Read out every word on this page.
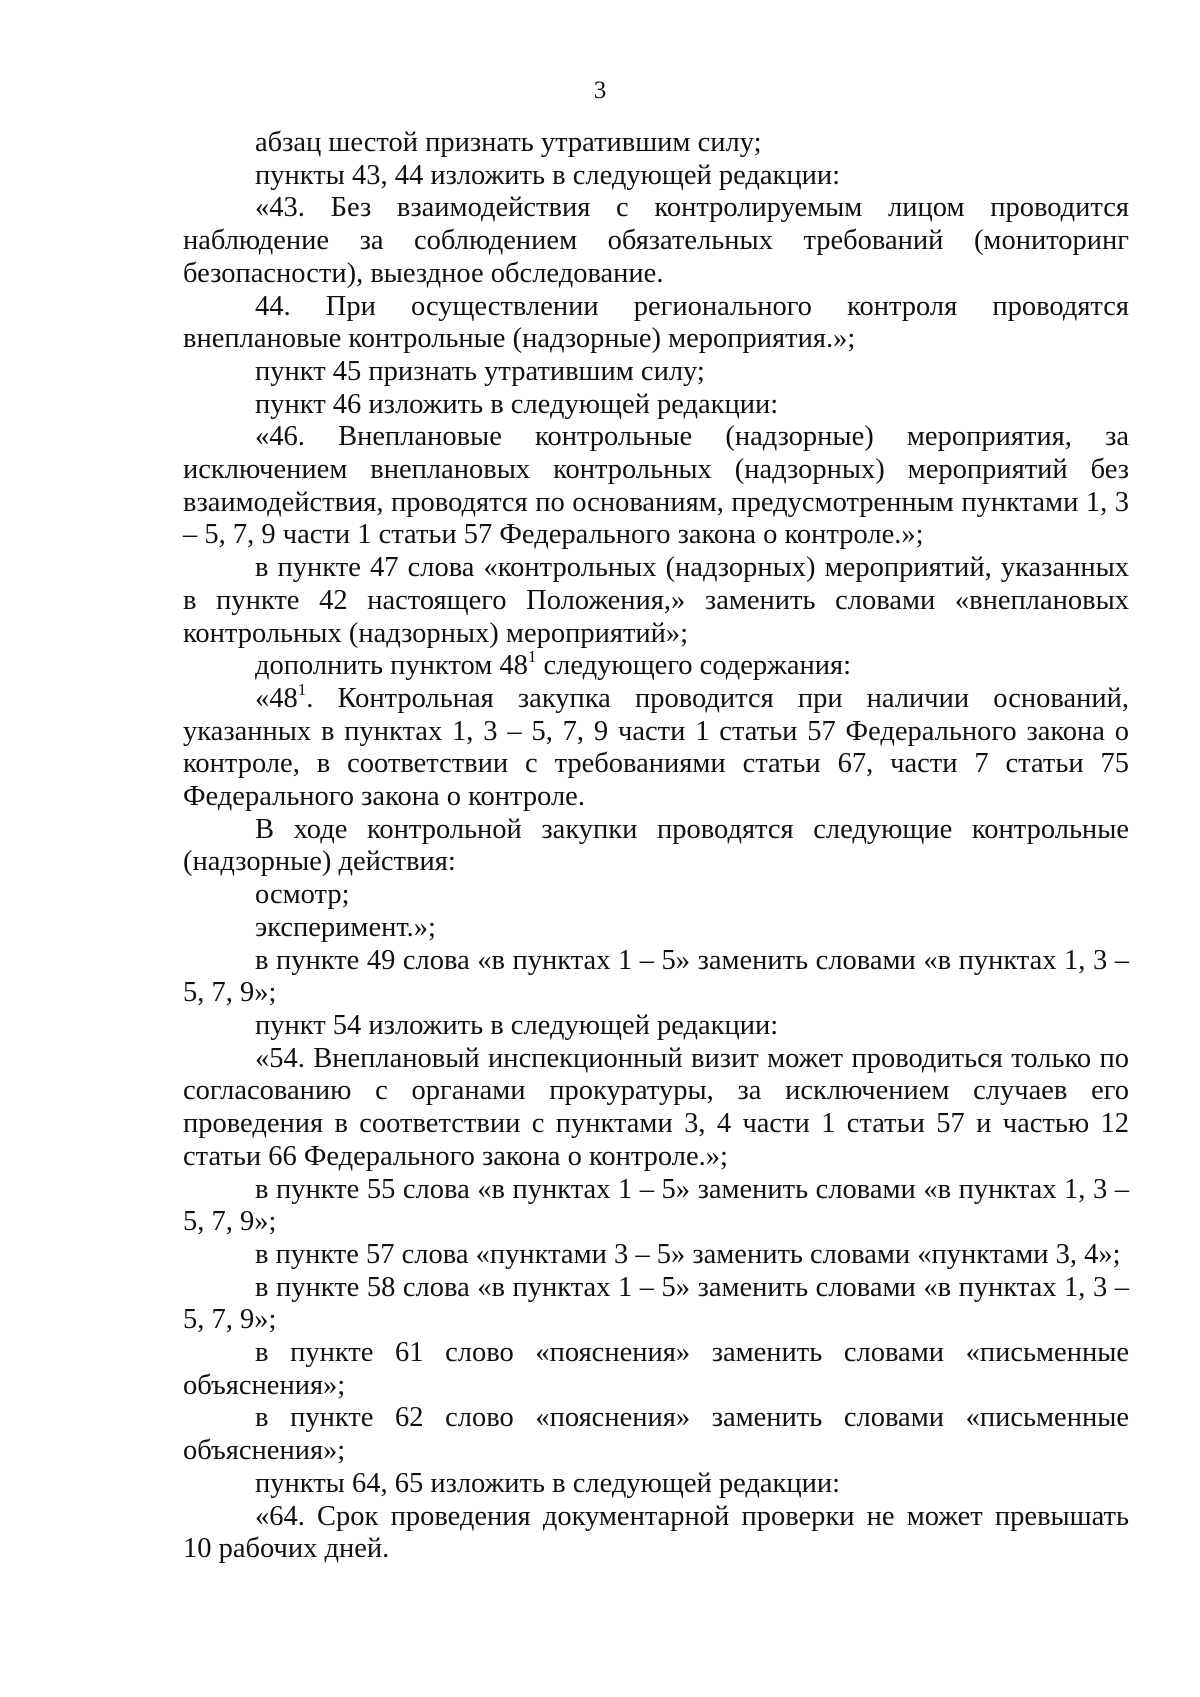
3

абзац шестой признать утратившим силу;

пункты 43, 44 изложить в следующей редакции:

«43. Без взаимодействия с контролируемым лицом проводится наблюдение за соблюдением обязательных требований (мониторинг безопасности), выездное обследование.

44. При осуществлении регионального контроля проводятся внеплановые контрольные (надзорные) мероприятия.»;

пункт 45 признать утратившим силу;

пункт 46 изложить в следующей редакции:

«46. Внеплановые контрольные (надзорные) мероприятия, за исключением внеплановых контрольных (надзорных) мероприятий без взаимодействия, проводятся по основаниям, предусмотренным пунктами 1, 3 – 5, 7, 9 части 1 статьи 57 Федерального закона о контроле.»;

в пункте 47 слова «контрольных (надзорных) мероприятий, указанных в пункте 42 настоящего Положения,» заменить словами «внеплановых контрольных (надзорных) мероприятий»;

дополнить пунктом $48^1$ следующего содержания:

«$48^1$. Контрольная закупка проводится при наличии оснований, указанных в пунктах 1, 3 – 5, 7, 9 части 1 статьи 57 Федерального закона о контроле, в соответствии с требованиями статьи 67, части 7 статьи 75 Федерального закона о контроле.

В ходе контрольной закупки проводятся следующие контрольные (надзорные) действия:

осмотр;

эксперимент.»;

в пункте 49 слова «в пунктах 1 – 5» заменить словами «в пунктах 1, 3 – 5, 7, 9»;

пункт 54 изложить в следующей редакции:

«54. Внеплановый инспекционный визит может проводиться только по согласованию с органами прокуратуры, за исключением случаев его проведения в соответствии с пунктами 3, 4 части 1 статьи 57 и частью 12 статьи 66 Федерального закона о контроле.»;

в пункте 55 слова «в пунктах 1 – 5» заменить словами «в пунктах 1, 3 – 5, 7, 9»;

в пункте 57 слова «пунктами 3 – 5» заменить словами «пунктами 3, 4»;

в пункте 58 слова «в пунктах 1 – 5» заменить словами «в пунктах 1, 3 – 5, 7, 9»;

в пункте 61 слово «пояснения» заменить словами «письменные объяснения»;

в пункте 62 слово «пояснения» заменить словами «письменные объяснения»;

пункты 64, 65 изложить в следующей редакции:

«64. Срок проведения документарной проверки не может превышать 10 рабочих дней.
